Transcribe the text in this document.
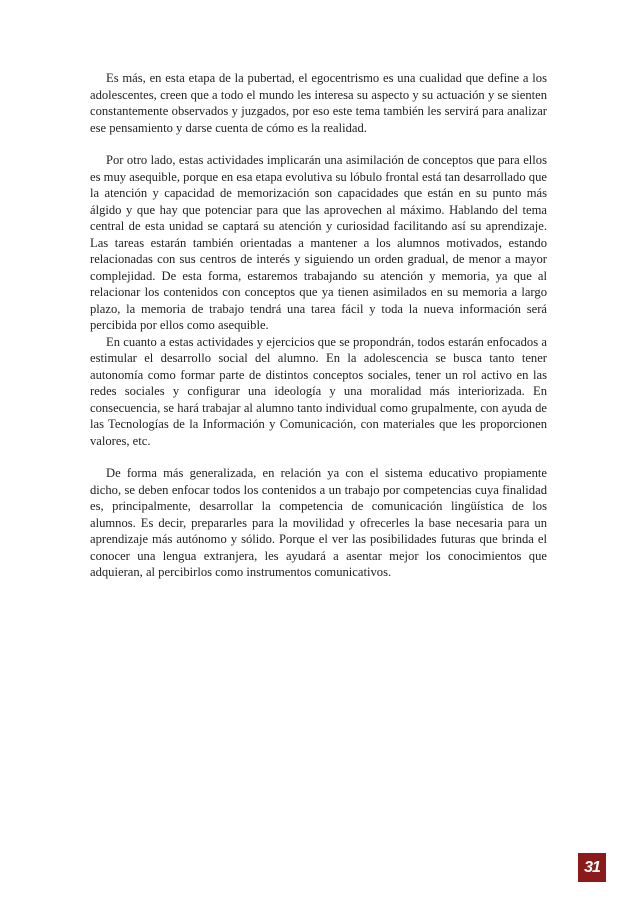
Es más, en esta etapa de la pubertad, el egocentrismo es una cualidad que define a los adolescentes, creen que a todo el mundo les interesa su aspecto y su actuación y se sienten constantemente observados y juzgados, por eso este tema también les servirá para analizar ese pensamiento y darse cuenta de cómo es la realidad.

Por otro lado, estas actividades implicarán una asimilación de conceptos que para ellos es muy asequible, porque en esa etapa evolutiva su lóbulo frontal está tan desarrollado que la atención y capacidad de memorización son capacidades que están en su punto más álgido y que hay que potenciar para que las aprovechen al máximo. Hablando del tema central de esta unidad se captará su atención y curiosidad facilitando así su aprendizaje. Las tareas estarán también orientadas a mantener a los alumnos motivados, estando relacionadas con sus centros de interés y siguiendo un orden gradual, de menor a mayor complejidad. De esta forma, estaremos trabajando su atención y memoria, ya que al relacionar los contenidos con conceptos que ya tienen asimilados en su memoria a largo plazo, la memoria de trabajo tendrá una tarea fácil y toda la nueva información será percibida por ellos como asequible.

En cuanto a estas actividades y ejercicios que se propondrán, todos estarán enfocados a estimular el desarrollo social del alumno. En la adolescencia se busca tanto tener autonomía como formar parte de distintos conceptos sociales, tener un rol activo en las redes sociales y configurar una ideología y una moralidad más interiorizada. En consecuencia, se hará trabajar al alumno tanto individual como grupalmente, con ayuda de las Tecnologías de la Información y Comunicación, con materiales que les proporcionen valores, etc.

De forma más generalizada, en relación ya con el sistema educativo propiamente dicho, se deben enfocar todos los contenidos a un trabajo por competencias cuya finalidad es, principalmente, desarrollar la competencia de comunicación lingüística de los alumnos. Es decir, prepararles para la movilidad y ofrecerles la base necesaria para un aprendizaje más autónomo y sólido. Porque el ver las posibilidades futuras que brinda el conocer una lengua extranjera, les ayudará a asentar mejor los conocimientos que adquieran, al percibirlos como instrumentos comunicativos.

31
